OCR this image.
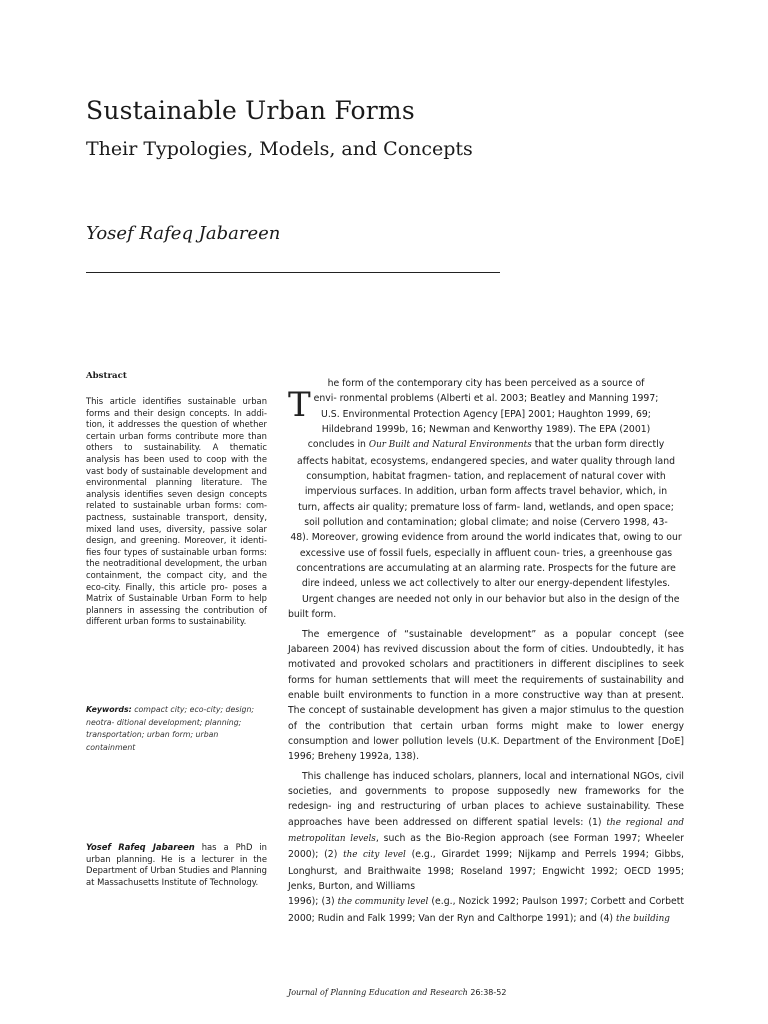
Sustainable Urban Forms
Their Typologies, Models, and Concepts
Yosef Rafeq Jabareen
Abstract
This article identifies sustainable urban forms and their design concepts. In addi- tion, it addresses the question of whether certain urban forms contribute more than others to sustainability. A thematic analysis has been used to coop with the vast body of sustainable development and environmental planning literature. The analysis identifies seven design concepts related to sustainable urban forms: com- pactness, sustainable transport, density, mixed land uses, diversity, passive solar design, and greening. Moreover, it identi- fies four types of sustainable urban forms: the neotraditional development, the urban containment, the compact city, and the eco-city. Finally, this article pro- poses a Matrix of Sustainable Urban Form to help planners in assessing the contribution of different urban forms to sustainability.
Keywords: compact city; eco-city; design; neotra- ditional development; planning; transportation; urban form; urban containment
Yosef Rafeq Jabareen has a PhD in urban planning. He is a lecturer in the Department of Urban Studies and Planning at Massachusetts Institute of Technology.
T

he form of the contemporary city has been perceived as a source of

envi- ronmental problems (Alberti et al. 2003; Beatley and Manning 1997;

U.S. Environmental Protection Agency [EPA] 2001; Haughton 1999, 69;

Hildebrand 1999b, 16; Newman and Kenworthy 1989). The EPA (2001)

concludes in Our Built and Natural Environments that the urban form directly

affects habitat, ecosystems, endangered species, and water quality through land

consumption, habitat fragmen- tation, and replacement of natural cover with

impervious surfaces. In addition, urban form affects travel behavior, which, in

turn, affects air quality; premature loss of farm- land, wetlands, and open space;

soil pollution and contamination; global climate; and noise (Cervero 1998, 43-

48). Moreover, growing evidence from around the world indicates that, owing to our

excessive use of fossil fuels, especially in affluent coun- tries, a greenhouse gas

concentrations are accumulating at an alarming rate. Prospects for the future are

dire indeed, unless we act collectively to alter our energy-dependent lifestyles.

Urgent changes are needed not only in our behavior but also in the design of the built form.

The emergence of “sustainable development” as a popular concept (see Jabareen 2004) has revived discussion about the form of cities. Undoubtedly, it has motivated and provoked scholars and practitioners in different disciplines to seek forms for human settlements that will meet the requirements of sustainability and enable built environments to function in a more constructive way than at present. The concept of sustainable development has given a major stimulus to the question of the contribution that certain urban forms might make to lower energy consumption and lower pollution levels (U.K. Department of the Environment [DoE] 1996; Breheny 1992a, 138).

This challenge has induced scholars, planners, local and international NGOs, civil societies, and governments to propose supposedly new frameworks for the redesign- ing and restructuring of urban places to achieve sustainability. These approaches have been addressed on different spatial levels: (1) the regional and metropolitan levels, such as the Bio-Region approach (see Forman 1997; Wheeler 2000); (2) the city level (e.g., Girardet 1999; Nijkamp and Perrels 1994; Gibbs, Longhurst, and Braithwaite 1998; Roseland 1997; Engwicht 1992; OECD 1995; Jenks, Burton, and Williams

1996); (3) the community level (e.g., Nozick 1992; Paulson 1997; Corbett and Corbett 2000; Rudin and Falk 1999; Van der Ryn and Calthorpe 1991); and (4) the building

Journal of Planning Education and Research 26:38-52
